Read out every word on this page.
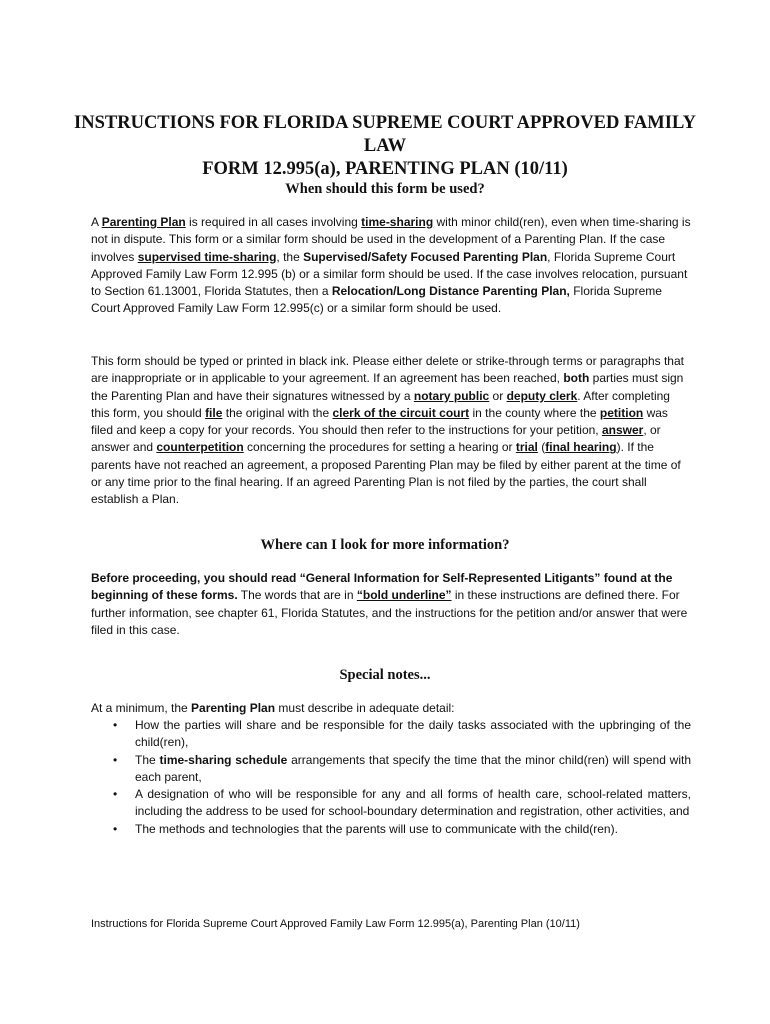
INSTRUCTIONS FOR FLORIDA SUPREME COURT APPROVED FAMILY LAW
FORM 12.995(a), PARENTING PLAN (10/11)
When should this form be used?
A Parenting Plan is required in all cases involving time-sharing with minor child(ren), even when time-sharing is not in dispute. This form or a similar form should be used in the development of a Parenting Plan. If the case involves supervised time-sharing, the Supervised/Safety Focused Parenting Plan, Florida Supreme Court Approved Family Law Form 12.995 (b) or a similar form should be used. If the case involves relocation, pursuant to Section 61.13001, Florida Statutes, then a Relocation/Long Distance Parenting Plan, Florida Supreme Court Approved Family Law Form 12.995(c) or a similar form should be used.
This form should be typed or printed in black ink. Please either delete or strike-through terms or paragraphs that are inappropriate or in applicable to your agreement. If an agreement has been reached, both parties must sign the Parenting Plan and have their signatures witnessed by a notary public or deputy clerk. After completing this form, you should file the original with the clerk of the circuit court in the county where the petition was filed and keep a copy for your records. You should then refer to the instructions for your petition, answer, or answer and counterpetition concerning the procedures for setting a hearing or trial (final hearing). If the parents have not reached an agreement, a proposed Parenting Plan may be filed by either parent at the time of or any time prior to the final hearing. If an agreed Parenting Plan is not filed by the parties, the court shall establish a Plan.
Where can I look for more information?
Before proceeding, you should read “General Information for Self-Represented Litigants” found at the beginning of these forms. The words that are in “bold underline” in these instructions are defined there. For further information, see chapter 61, Florida Statutes, and the instructions for the petition and/or answer that were filed in this case.
Special notes...
At a minimum, the Parenting Plan must describe in adequate detail:
• How the parties will share and be responsible for the daily tasks associated with the upbringing of the child(ren),
• The time-sharing schedule arrangements that specify the time that the minor child(ren) will spend with each parent,
• A designation of who will be responsible for any and all forms of health care, school-related matters, including the address to be used for school-boundary determination and registration, other activities, and
• The methods and technologies that the parents will use to communicate with the child(ren).
Instructions for Florida Supreme Court Approved Family Law Form 12.995(a), Parenting Plan (10/11)
